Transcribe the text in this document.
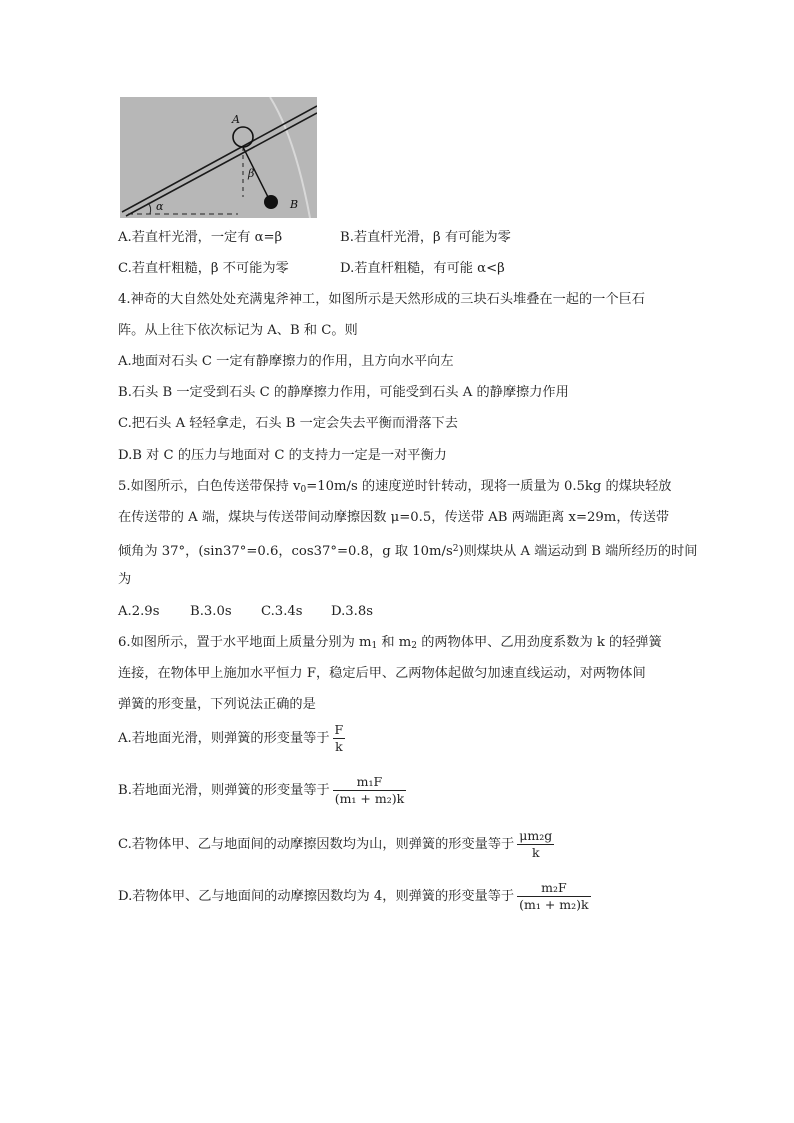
α
A
β
B
A.若直杆光滑，一定有 α=β	B.若直杆光滑，β 有可能为零
C.若直杆粗糙，β 不可能为零	D.若直杆粗糙，有可能 α<β
4.神奇的大自然处处充满鬼斧神工，如图所示是天然形成的三块石头堆叠在一起的一个巨石
阵。从上往下依次标记为 A、B 和 C。则
A.地面对石头 C 一定有静摩擦力的作用，且方向水平向左
B.石头 B 一定受到石头 C 的静摩擦力作用，可能受到石头 A 的静摩擦力作用
C.把石头 A 轻轻拿走，石头 B 一定会失去平衡而滑落下去
D.B 对 C 的压力与地面对 C 的支持力一定是一对平衡力
5.如图所示，白色传送带保持 $v_0=10m/s$ 的速度逆时针转动，现将一质量为 0.5kg 的煤块轻放
在传送带的 A 端，煤块与传送带间动摩擦因数 μ=0.5，传送带 AB 两端距离 x=29m，传送带
倾角为 37°，(sin37°=0.6，cos37°=0.8，g 取 $10m/s^2$)则煤块从 A 端运动到 B 端所经历的时间
为
A.2.9s B.3.0s C.3.4s D.3.8s
6.如图所示，置于水平地面上质量分别为 $m_1$ 和 $m_2$ 的两物体甲、乙用劲度系数为 k 的轻弹簧
连接，在物体甲上施加水平恒力 F，稳定后甲、乙两物体起做匀加速直线运动，对两物体间
弹簧的形变量，下列说法正确的是
A.若地面光滑，则弹簧的形变量等于 $\frac{F}{k}$
B.若地面光滑，则弹簧的形变量等于 $\frac{\text{m₁F}}{\text{(m₁ + m₂)k}}$
C.若物体甲、乙与地面间的动摩擦因数均为山，则弹簧的形变量等于 $\frac{\text{μm₂g}}{k}$
D.若物体甲、乙与地面间的动摩擦因数均为 4，则弹簧的形变量等于 $\frac{\text{m₂F}}{\text{(m₁ + m₂)k}}$
